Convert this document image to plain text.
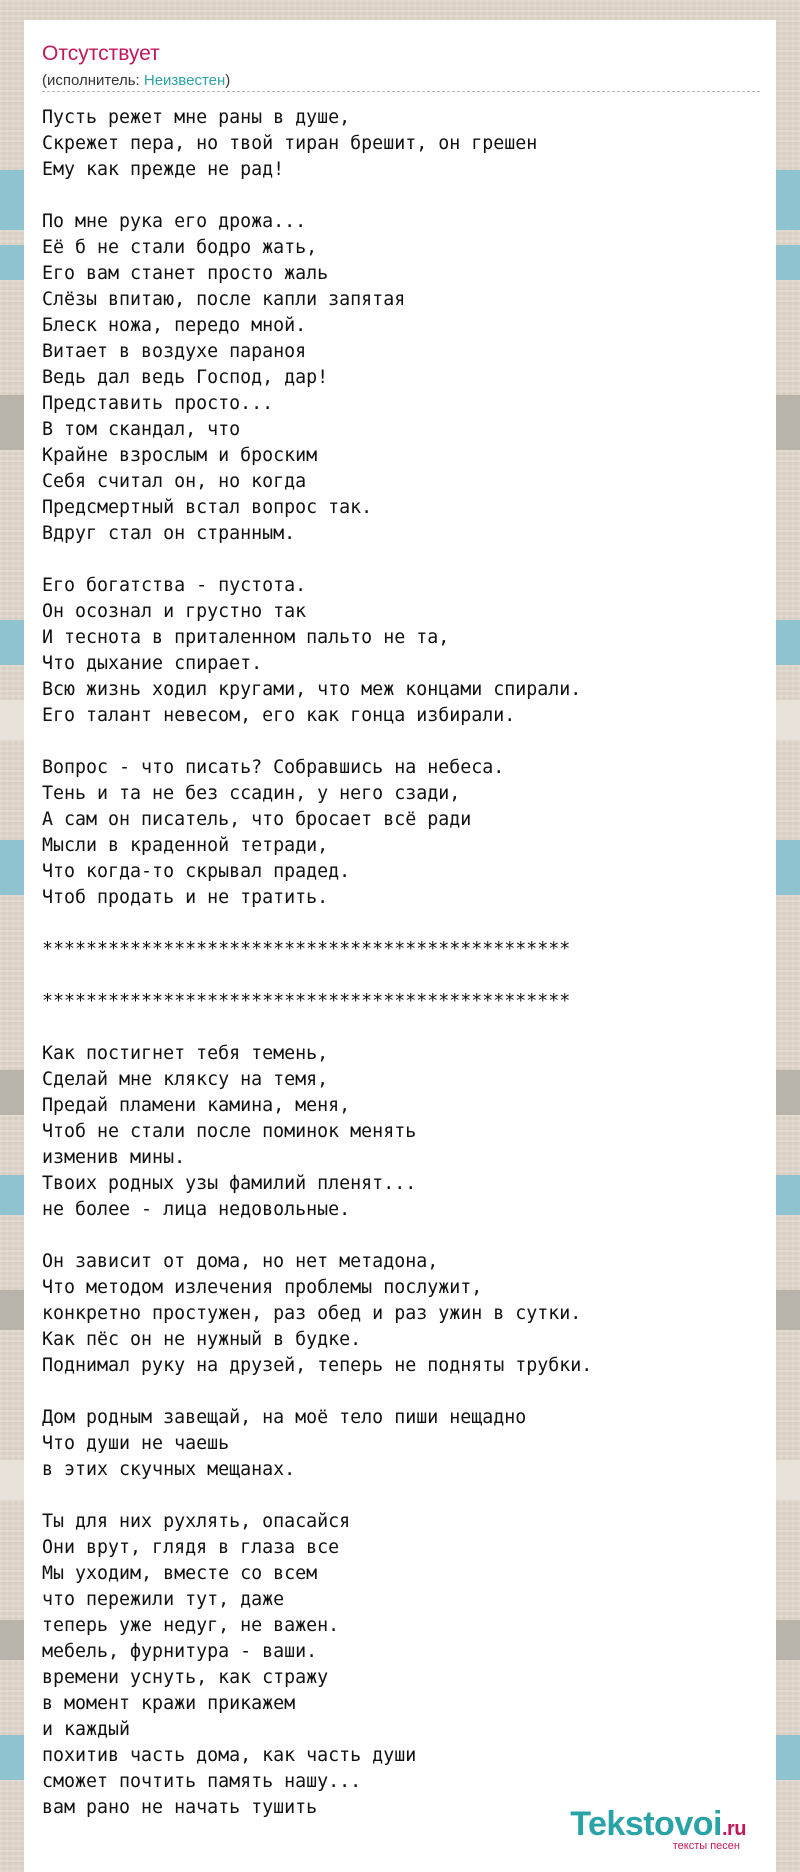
Отсутствует
(исполнитель: Неизвестен)
Пусть режет мне раны в душе,
Скрежет пера, но твой тиран брешит, он грешен
Ему как прежде не рад!

По мне рука его дрожа...
Её б не стали бодро жать,
Его вам станет просто жаль
Слёзы впитаю, после капли запятая
Блеск ножа, передо мной.
Витает в воздухе параноя
Ведь дал ведь Господ, дар!
Представить просто...
В том скандал, что
Крайне взрослым и броским
Себя считал он, но когда
Предсмертный встал вопрос так.
Вдруг стал он странным.

Его богатства - пустота.
Он осознал и грустно так
И теснота в приталенном пальто не та,
Что дыхание спирает.
Всю жизнь ходил кругами, что меж концами спирали.
Его талант невесом, его как гонца избирали.

Вопрос - что писать? Собравшись на небеса.
Тень и та не без ссадин, у него сзади,
А сам он писатель, что бросает всё ради
Мысли в краденной тетради,
Что когда-то скрывал прадед.
Чтоб продать и не тратить.

************************************************

************************************************

Как постигнет тебя темень,
Сделай мне кляксу на темя,
Предай пламени камина, меня,
Чтоб не стали после поминок менять
изменив мины.
Твоих родных узы фамилий пленят...
не более - лица недовольные.

Он зависит от дома, но нет метадона,
Что методом излечения проблемы послужит,
конкретно простужен, раз обед и раз ужин в сутки.
Как пёс он не нужный в будке.
Поднимал руку на друзей, теперь не подняты трубки.

Дом родным завещай, на моё тело пиши нещадно
Что души не чаешь
в этих скучных мещанах.

Ты для них рухлять, опасайся
Они врут, глядя в глаза все
Мы уходим, вместе со всем
что пережили тут, даже
теперь уже недуг, не важен.
мебель, фурнитура - ваши.
времени уснуть, как стражу
в момент кражи прикажем
и каждый
похитив часть дома, как часть души
сможет почтить память нашу...
вам рано не начать тушить	Tekstovoi.ru
тексты песен
